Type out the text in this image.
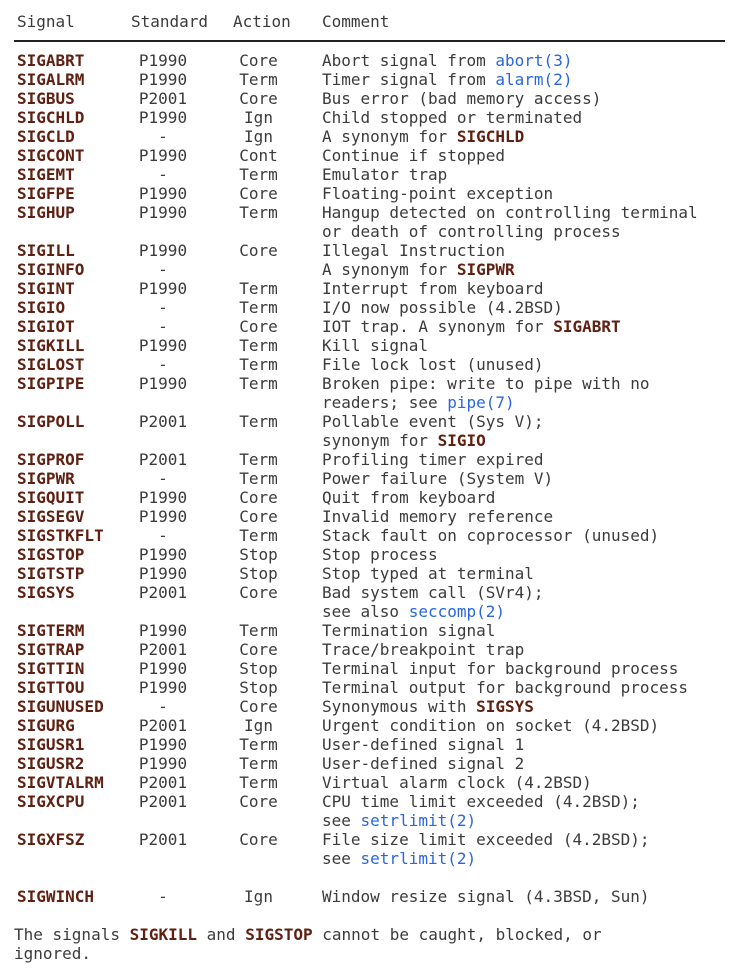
Signal	Standard	Action	Comment
SIGABRT	P1990	Core	Abort signal from abort(3)

SIGALRM	P1990	Term	Timer signal from alarm(2)

SIGBUS	P2001	Core	Bus error (bad memory access)

SIGCHLD	P1990	Ign	Child stopped or terminated

SIGCLD	-	Ign	A synonym for SIGCHLD

SIGCONT	P1990	Cont	Continue if stopped

SIGEMT	-	Term	Emulator trap

SIGFPE	P1990	Core	Floating-point exception

SIGHUP	P1990	Term	Hangup detected on controlling terminal
or death of controlling process

SIGILL	P1990	Core	Illegal Instruction

SIGINFO	-		A synonym for SIGPWR

SIGINT	P1990	Term	Interrupt from keyboard

SIGIO	-	Term	I/O now possible (4.2BSD)

SIGIOT	-	Core	IOT trap. A synonym for SIGABRT

SIGKILL	P1990	Term	Kill signal

SIGLOST	-	Term	File lock lost (unused)

SIGPIPE	P1990	Term	Broken pipe: write to pipe with no
readers; see pipe(7)

SIGPOLL	P2001	Term	Pollable event (Sys V);
synonym for SIGIO

SIGPROF	P2001	Term	Profiling timer expired

SIGPWR	-	Term	Power failure (System V)

SIGQUIT	P1990	Core	Quit from keyboard

SIGSEGV	P1990	Core	Invalid memory reference

SIGSTKFLT	-	Term	Stack fault on coprocessor (unused)

SIGSTOP	P1990	Stop	Stop process

SIGTSTP	P1990	Stop	Stop typed at terminal

SIGSYS	P2001	Core	Bad system call (SVr4);
see also seccomp(2)

SIGTERM	P1990	Term	Termination signal

SIGTRAP	P2001	Core	Trace/breakpoint trap

SIGTTIN	P1990	Stop	Terminal input for background process

SIGTTOU	P1990	Stop	Terminal output for background process

SIGUNUSED	-	Core	Synonymous with SIGSYS

SIGURG	P2001	Ign	Urgent condition on socket (4.2BSD)

SIGUSR1	P1990	Term	User-defined signal 1

SIGUSR2	P1990	Term	User-defined signal 2

SIGVTALRM	P2001	Term	Virtual alarm clock (4.2BSD)

SIGXCPU	P2001	Core	CPU time limit exceeded (4.2BSD);
see setrlimit(2)

SIGXFSZ	P2001	Core	File size limit exceeded (4.2BSD);
see setrlimit(2)

SIGWINCH	-	Ign	Window resize signal (4.3BSD, Sun)

The signals SIGKILL and SIGSTOP cannot be caught, blocked, or
ignored.
